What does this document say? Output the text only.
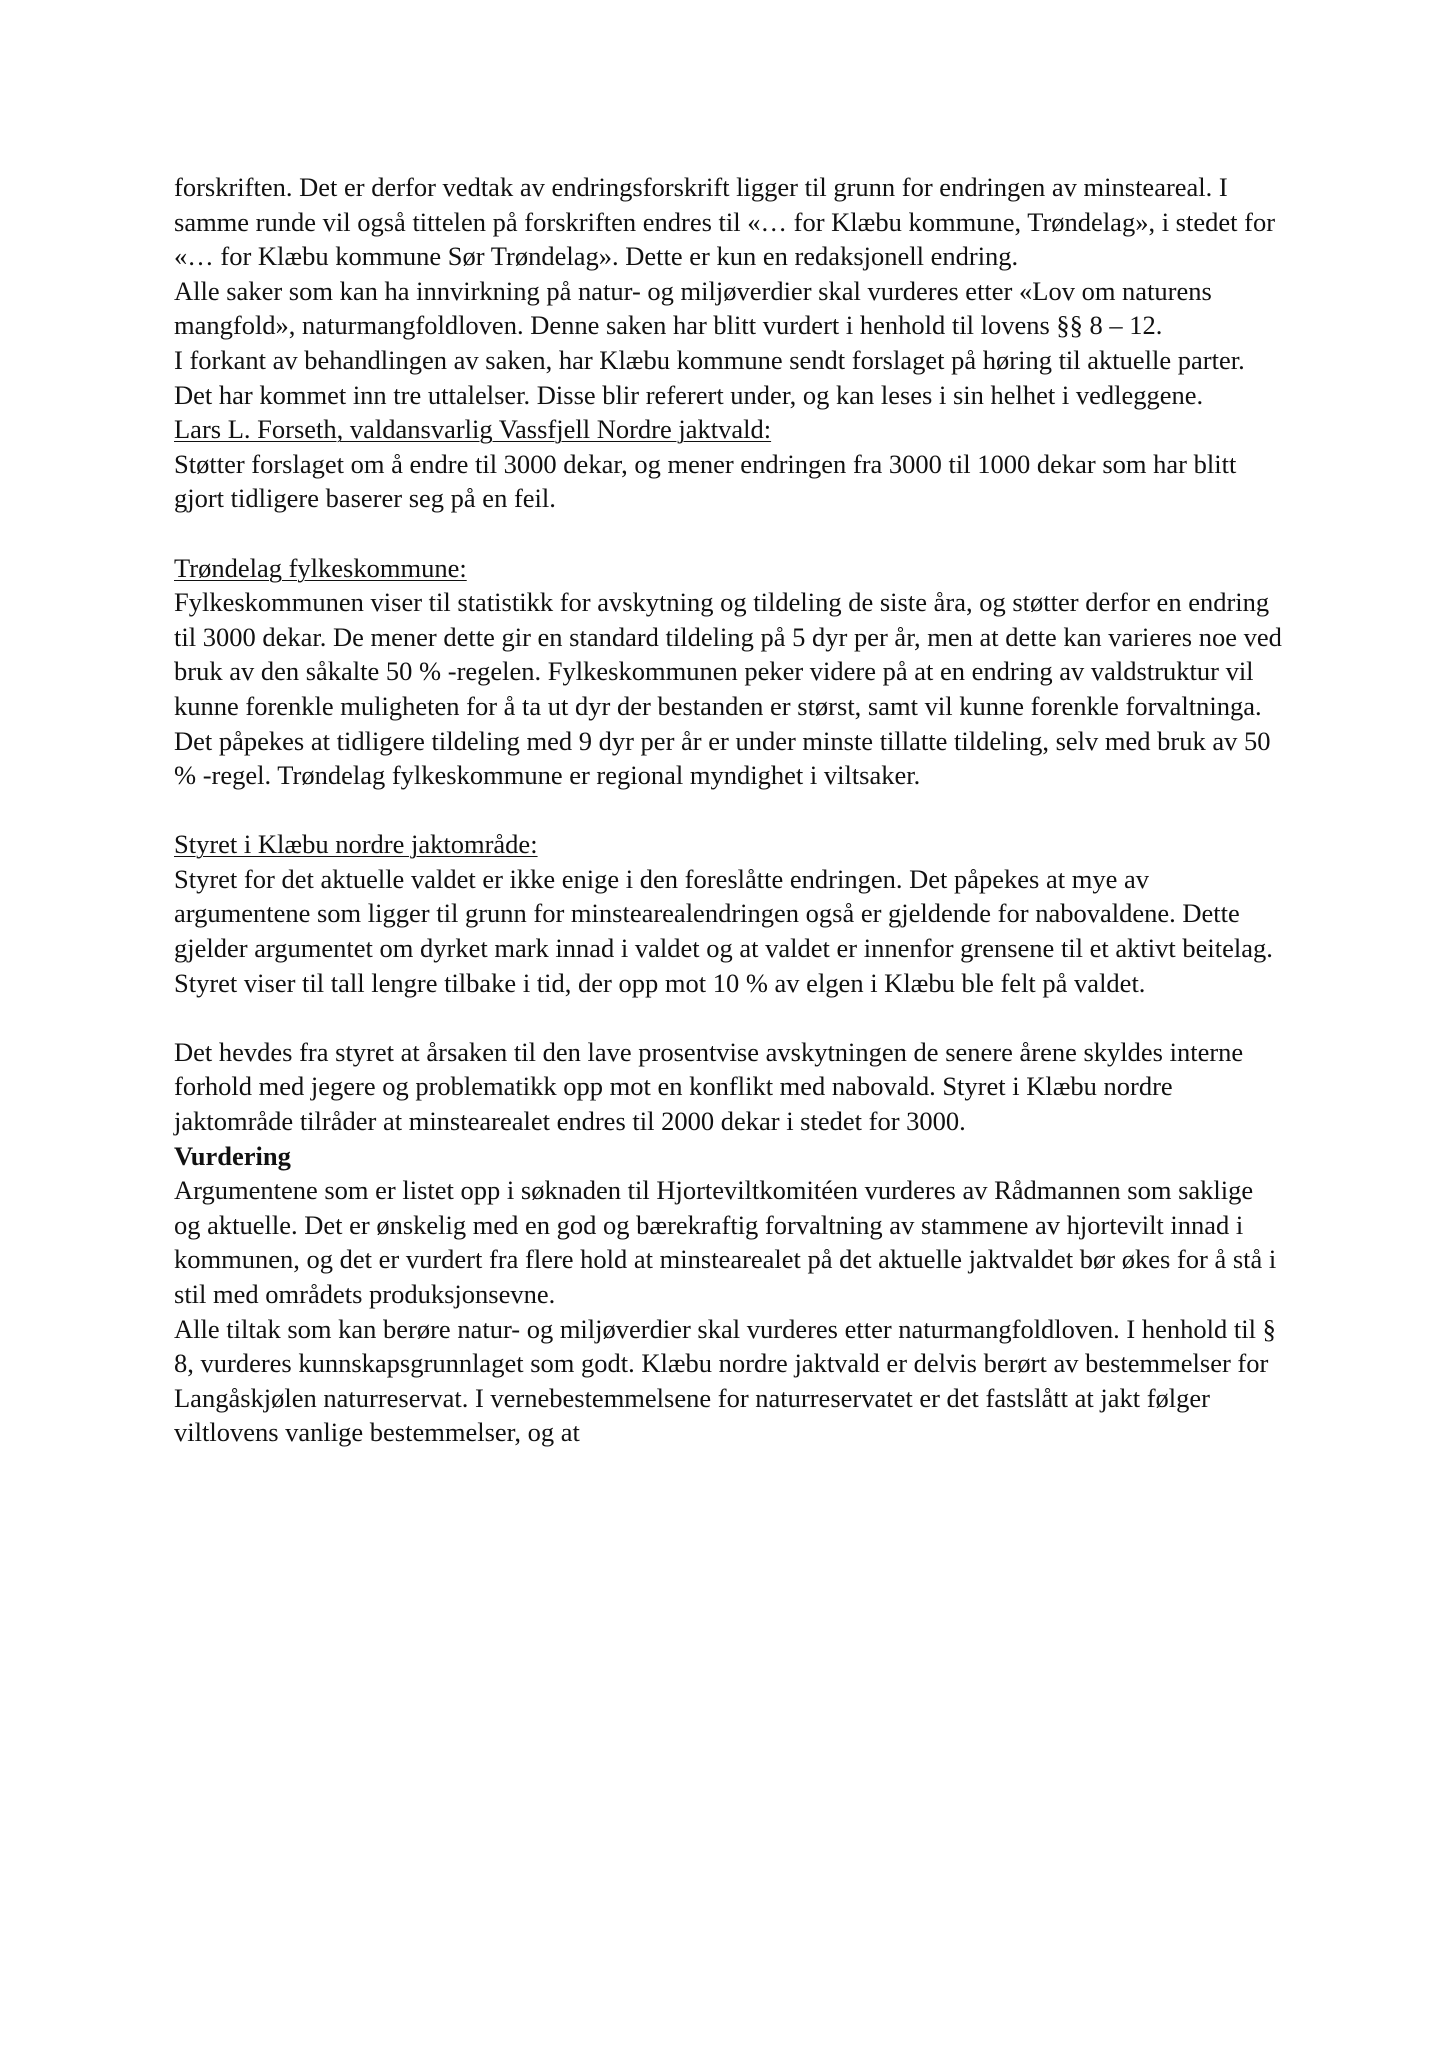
forskriften. Det er derfor vedtak av endringsforskrift ligger til grunn for endringen av minsteareal. I samme runde vil også tittelen på forskriften endres til «… for Klæbu kommune, Trøndelag», i stedet for «… for Klæbu kommune Sør Trøndelag». Dette er kun en redaksjonell endring.

Alle saker som kan ha innvirkning på natur- og miljøverdier skal vurderes etter «Lov om naturens mangfold», naturmangfoldloven. Denne saken har blitt vurdert i henhold til lovens §§ 8 – 12.

I forkant av behandlingen av saken, har Klæbu kommune sendt forslaget på høring til aktuelle parter. Det har kommet inn tre uttalelser. Disse blir referert under, og kan leses i sin helhet i vedleggene.

Lars L. Forseth, valdansvarlig Vassfjell Nordre jaktvald:

Støtter forslaget om å endre til 3000 dekar, og mener endringen fra 3000 til 1000 dekar som har blitt gjort tidligere baserer seg på en feil.

Trøndelag fylkeskommune:

Fylkeskommunen viser til statistikk for avskytning og tildeling de siste åra, og støtter derfor en endring til 3000 dekar. De mener dette gir en standard tildeling på 5 dyr per år, men at dette kan varieres noe ved bruk av den såkalte 50 % -regelen. Fylkeskommunen peker videre på at en endring av valdstruktur vil kunne forenkle muligheten for å ta ut dyr der bestanden er størst, samt vil kunne forenkle forvaltninga. Det påpekes at tidligere tildeling med 9 dyr per år er under minste tillatte tildeling, selv med bruk av 50 % -regel. Trøndelag fylkeskommune er regional myndighet i viltsaker.

Styret i Klæbu nordre jaktområde:

Styret for det aktuelle valdet er ikke enige i den foreslåtte endringen. Det påpekes at mye av argumentene som ligger til grunn for minstearealendringen også er gjeldende for nabovaldene. Dette gjelder argumentet om dyrket mark innad i valdet og at valdet er innenfor grensene til et aktivt beitelag. Styret viser til tall lengre tilbake i tid, der opp mot 10 % av elgen i Klæbu ble felt på valdet.

Det hevdes fra styret at årsaken til den lave prosentvise avskytningen de senere årene skyldes interne forhold med jegere og problematikk opp mot en konflikt med nabovald. Styret i Klæbu nordre jaktområde tilråder at minstearealet endres til 2000 dekar i stedet for 3000.

Vurdering

Argumentene som er listet opp i søknaden til Hjorteviltkomitéen vurderes av Rådmannen som saklige og aktuelle. Det er ønskelig med en god og bærekraftig forvaltning av stammene av hjortevilt innad i kommunen, og det er vurdert fra flere hold at minstearealet på det aktuelle jaktvaldet bør økes for å stå i stil med områdets produksjonsevne.

Alle tiltak som kan berøre natur- og miljøverdier skal vurderes etter naturmangfoldloven. I henhold til § 8, vurderes kunnskapsgrunnlaget som godt. Klæbu nordre jaktvald er delvis berørt av bestemmelser for Langåskjølen naturreservat. I vernebestemmelsene for naturreservatet er det fastslått at jakt følger viltlovens vanlige bestemmelser, og at
